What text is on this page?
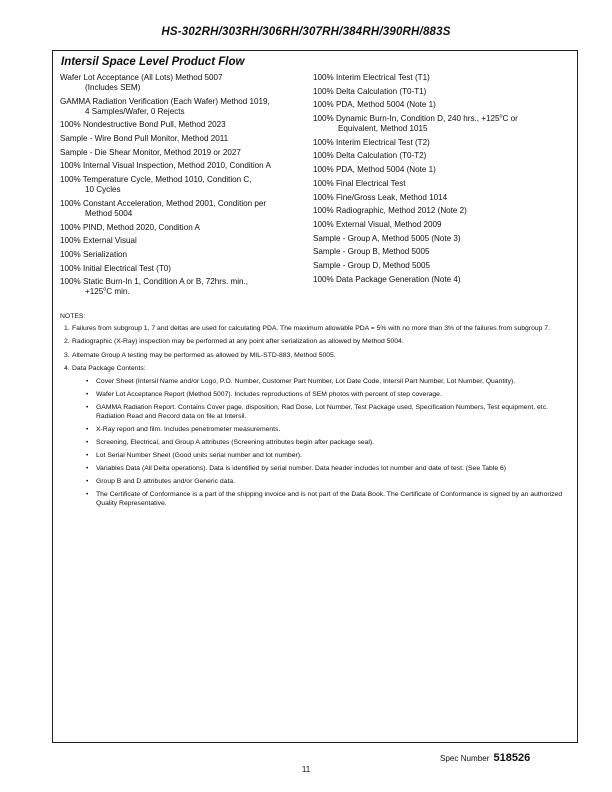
HS-302RH/303RH/306RH/307RH/384RH/390RH/883S
Intersil Space Level Product Flow
Wafer Lot Acceptance (All Lots) Method 5007
(Includes SEM)
GAMMA Radiation Verification (Each Wafer) Method 1019,
4 Samples/Wafer, 0 Rejects
100% Nondestructive Bond Pull, Method 2023
Sample - Wire Bond Pull Monitor, Method 2011
Sample - Die Shear Monitor, Method 2019 or 2027
100% Internal Visual Inspection, Method 2010, Condition A
100% Temperature Cycle, Method 1010, Condition C,
10 Cycles
100% Constant Acceleration, Method 2001, Condition per
Method 5004
100% PIND, Method 2020, Condition A
100% External Visual
100% Serialization
100% Initial Electrical Test (T0)
100% Static Burn-In 1, Condition A or B, 72hrs. min.,
$+125^oC$ min.
100% Interim Electrical Test (T1)
100% Delta Calculation (T0-T1)
100% PDA, Method 5004 (Note 1)
100% Dynamic Burn-In, Condition D, 240 hrs., $+125^oC$ or
Equivalent, Method 1015
100% Interim Electrical Test (T2)
100% Delta Calculation (T0-T2)
100% PDA, Method 5004 (Note 1)
100% Final Electrical Test
100% Fine/Gross Leak, Method 1014
100% Radiographic, Method 2012 (Note 2)
100% External Visual, Method 2009
Sample - Group A, Method 5005 (Note 3)
Sample - Group B, Method 5005
Sample - Group D, Method 5005
100% Data Package Generation (Note 4)
NOTES:
1. Failures from subgroup 1, 7 and deltas are used for calculating PDA. The maximum allowable PDA = 5% with no more than 3% of the failures from subgroup 7.
2. Radiographic (X-Ray) inspection may be performed at any point after serialization as allowed by Method 5004.
3. Alternate Group A testing may be performed as allowed by MIL-STD-883, Method 5005.
4. Data Package Contents:
• Cover Sheet (Intersil Name and/or Logo, P.O. Number, Customer Part Number, Lot Date Code, Intersil Part Number, Lot Number, Quantity).
• Wafer Lot Acceptance Report (Method 5007). Includes reproductions of SEM photos with percent of step coverage.
• GAMMA Radiation Report. Contains Cover page, disposition, Rad Dose, Lot Number, Test Package used, Specification Numbers, Test equipment, etc. Radiation Read and Record data on file at Intersil.
• X-Ray report and film. Includes penetrometer measurements.
• Screening, Electrical, and Group A attributes (Screening attributes begin after package seal).
• Lot Serial Number Sheet (Good units serial number and lot number).
• Variables Data (All Delta operations). Data is identified by serial number. Data header includes lot number and date of test. (See Table 6)
• Group B and D attributes and/or Generic data.
• The Certificate of Conformance is a part of the shipping invoice and is not part of the Data Book. The Certificate of Conformance is signed by an authorized Quality Representative.
Spec Number 518526
11
